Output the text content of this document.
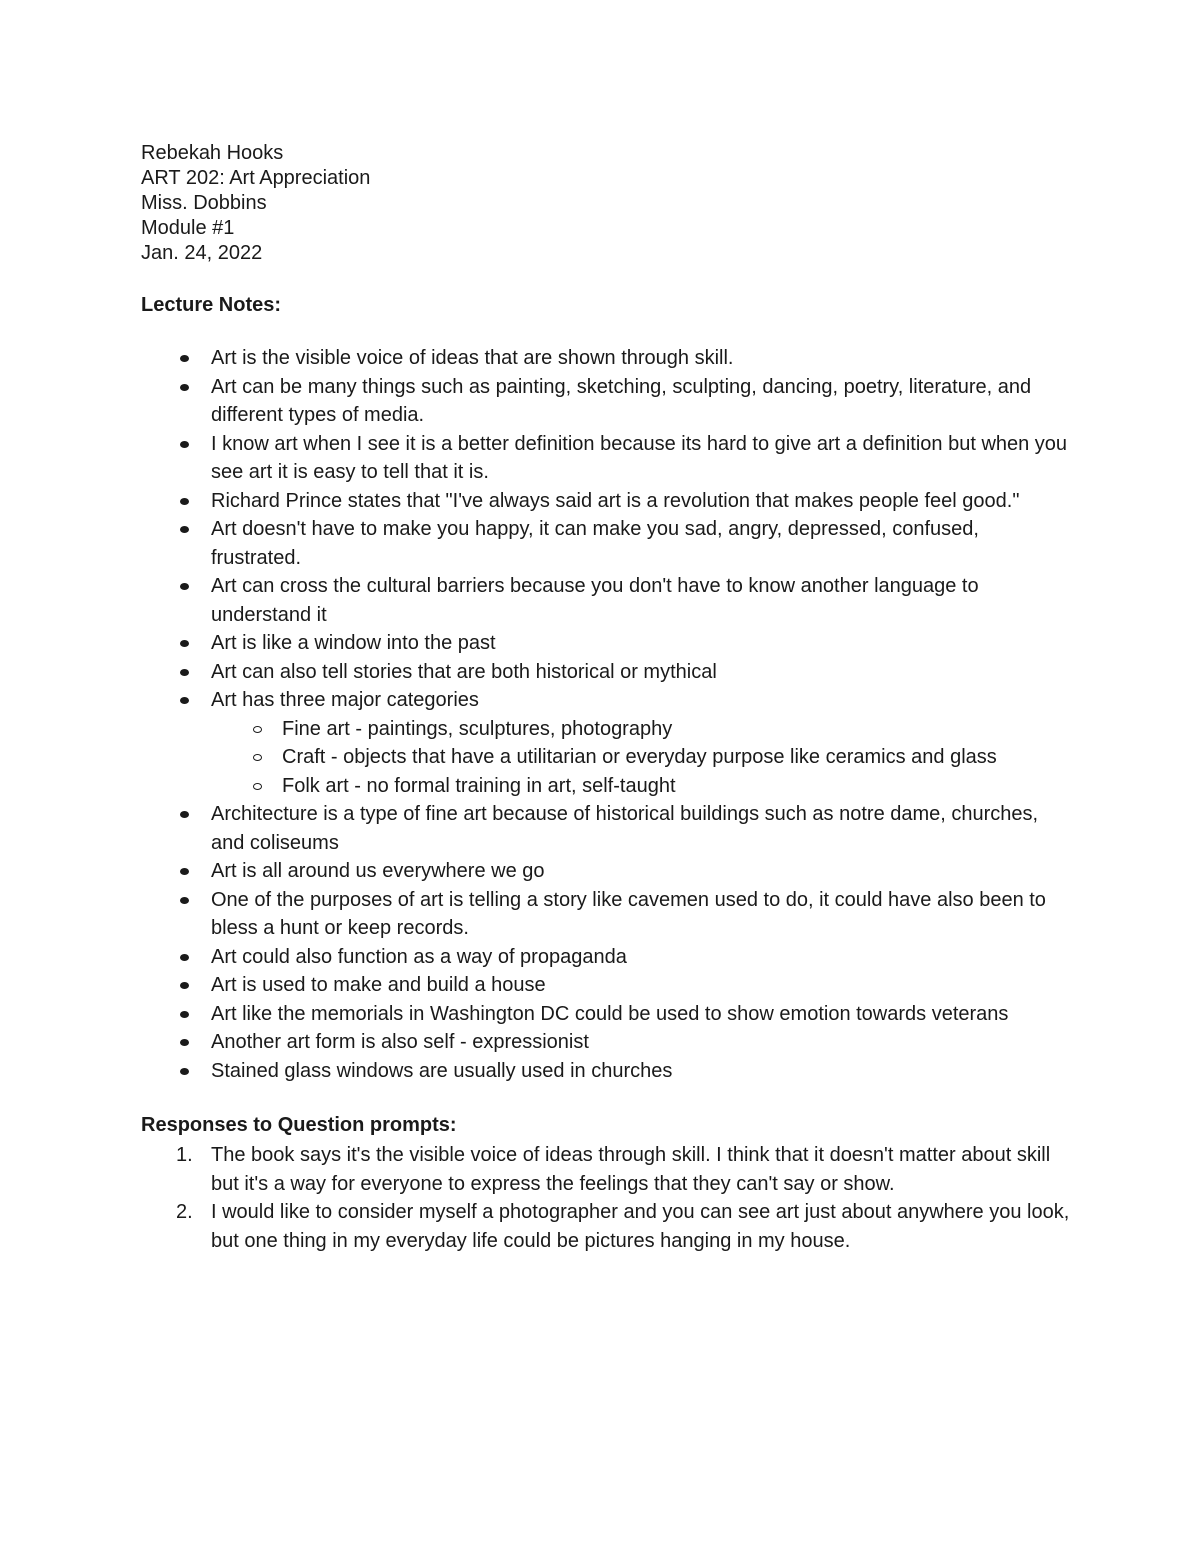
Rebekah Hooks

ART 202: Art Appreciation

Miss. Dobbins

Module #1

Jan. 24, 2022

Lecture Notes:

Art is the visible voice of ideas that are shown through skill.
Art can be many things such as painting, sketching, sculpting, dancing, poetry, literature, and different types of media.
I know art when I see it is a better definition because its hard to give art a definition but when you see art it is easy to tell that it is.
Richard Prince states that "I've always said art is a revolution that makes people feel good."
Art doesn't have to make you happy, it can make you sad, angry, depressed, confused, frustrated.
Art can cross the cultural barriers because you don't have to know another language to understand it
Art is like a window into the past
Art can also tell stories that are both historical or mythical
Art has three major categories
Fine art - paintings, sculptures, photography
Craft - objects that have a utilitarian or everyday purpose like ceramics and glass
Folk art - no formal training in art, self-taught
Architecture is a type of fine art because of historical buildings such as notre dame, churches, and coliseums
Art is all around us everywhere we go
One of the purposes of art is telling a story like cavemen used to do, it could have also been to bless a hunt or keep records.
Art could also function as a way of propaganda
Art is used to make and build a house
Art like the memorials in Washington DC could be used to show emotion towards veterans
Another art form is also self - expressionist
Stained glass windows are usually used in churches

Responses to Question prompts:

1. The book says it's the visible voice of ideas through skill. I think that it doesn't matter about skill but it's a way for everyone to express the feelings that they can't say or show.
2. I would like to consider myself a photographer and you can see art just about anywhere you look, but one thing in my everyday life could be pictures hanging in my house.
